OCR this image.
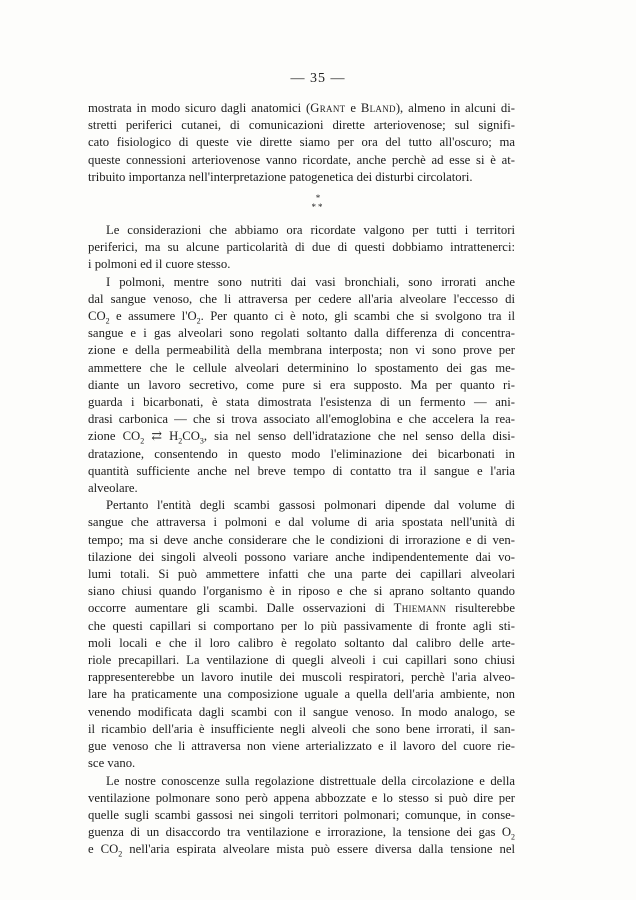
— 35 —

mostrata in modo sicuro dagli anatomici (Grant e Bland), almeno in alcuni di-
stretti periferici cutanei, di comunicazioni dirette arteriovenose; sul signifi-
cato fisiologico di queste vie dirette siamo per ora del tutto all'oscuro; ma
queste connessioni arteriovenose vanno ricordate, anche perchè ad esse si è at-
tribuito importanza nell'interpretazione patogenetica dei disturbi circolatori.

*
**

Le considerazioni che abbiamo ora ricordate valgono per tutti i territori
periferici, ma su alcune particolarità di due di questi dobbiamo intrattenerci:
i polmoni ed il cuore stesso.

I polmoni, mentre sono nutriti dai vasi bronchiali, sono irrorati anche
dal sangue venoso, che li attraversa per cedere all'aria alveolare l'eccesso di
$CO_2$ e assumere $l'O_2$. Per quanto ci è noto, gli scambi che si svolgono tra il
sangue e i gas alveolari sono regolati soltanto dalla differenza di concentra-
zione e della permeabilità della membrana interposta; non vi sono prove per
ammettere che le cellule alveolari determinino lo spostamento dei gas me-
diante un lavoro secretivo, come pure si era supposto. Ma per quanto ri-
guarda i bicarbonati, è stata dimostrata l'esistenza di un fermento — ani-
drasi carbonica — che si trova associato all'emoglobina e che accelera la rea-
zione $CO_2$ ⇄ $H_2CO_3$, sia nel senso dell'idratazione che nel senso della disi-
dratazione, consentendo in questo modo l'eliminazione dei bicarbonati in
quantità sufficiente anche nel breve tempo di contatto tra il sangue e l'aria
alveolare.

Pertanto l'entità degli scambi gassosi polmonari dipende dal volume di
sangue che attraversa i polmoni e dal volume di aria spostata nell'unità di
tempo; ma si deve anche considerare che le condizioni di irrorazione e di ven-
tilazione dei singoli alveoli possono variare anche indipendentemente dai vo-
lumi totali. Si può ammettere infatti che una parte dei capillari alveolari
siano chiusi quando l'organismo è in riposo e che si aprano soltanto quando
occorre aumentare gli scambi. Dalle osservazioni di Thiemann risulterebbe
che questi capillari si comportano per lo più passivamente di fronte agli sti-
moli locali e che il loro calibro è regolato soltanto dal calibro delle arte-
riole precapillari. La ventilazione di quegli alveoli i cui capillari sono chiusi
rappresenterebbe un lavoro inutile dei muscoli respiratori, perchè l'aria alveo-
lare ha praticamente una composizione uguale a quella dell'aria ambiente, non
venendo modificata dagli scambi con il sangue venoso. In modo analogo, se
il ricambio dell'aria è insufficiente negli alveoli che sono bene irrorati, il san-
gue venoso che li attraversa non viene arterializzato e il lavoro del cuore rie-
sce vano.

Le nostre conoscenze sulla regolazione distrettuale della circolazione e della
ventilazione polmonare sono però appena abbozzate e lo stesso si può dire per
quelle sugli scambi gassosi nei singoli territori polmonari; comunque, in conse-
guenza di un disaccordo tra ventilazione e irrorazione, la tensione dei gas $O_2$
e $CO_2$ nell'aria espirata alveolare mista può essere diversa dalla tensione nel
